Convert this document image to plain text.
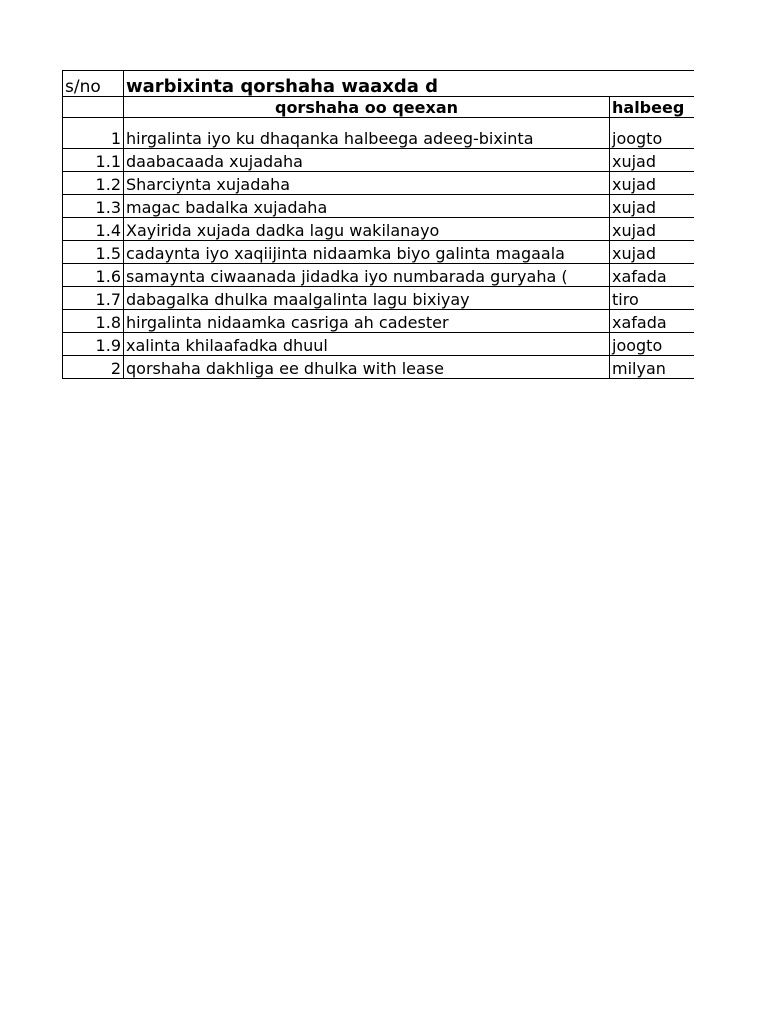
s/no	warbixinta qorshaha waaxda d	
	qorshaha oo qeexan	halbeeg
1	hirgalinta iyo ku dhaqanka halbeega adeeg-bixinta	joogto
1.1	daabacaada xujadaha	xujad
1.2	Sharciynta xujadaha	xujad
1.3	magac badalka xujadaha	xujad
1.4	Xayirida xujada dadka lagu wakilanayo	xujad
1.5	cadaynta iyo xaqiijinta nidaamka biyo galinta magaala	xujad
1.6	samaynta ciwaanada jidadka iyo numbarada guryaha (	xafada
1.7	dabagalka dhulka maalgalinta lagu bixiyay	tiro
1.8	hirgalinta nidaamka casriga ah cadester	xafada
1.9	xalinta khilaafadka dhuul	joogto
2	qorshaha dakhliga ee dhulka with lease	milyan
